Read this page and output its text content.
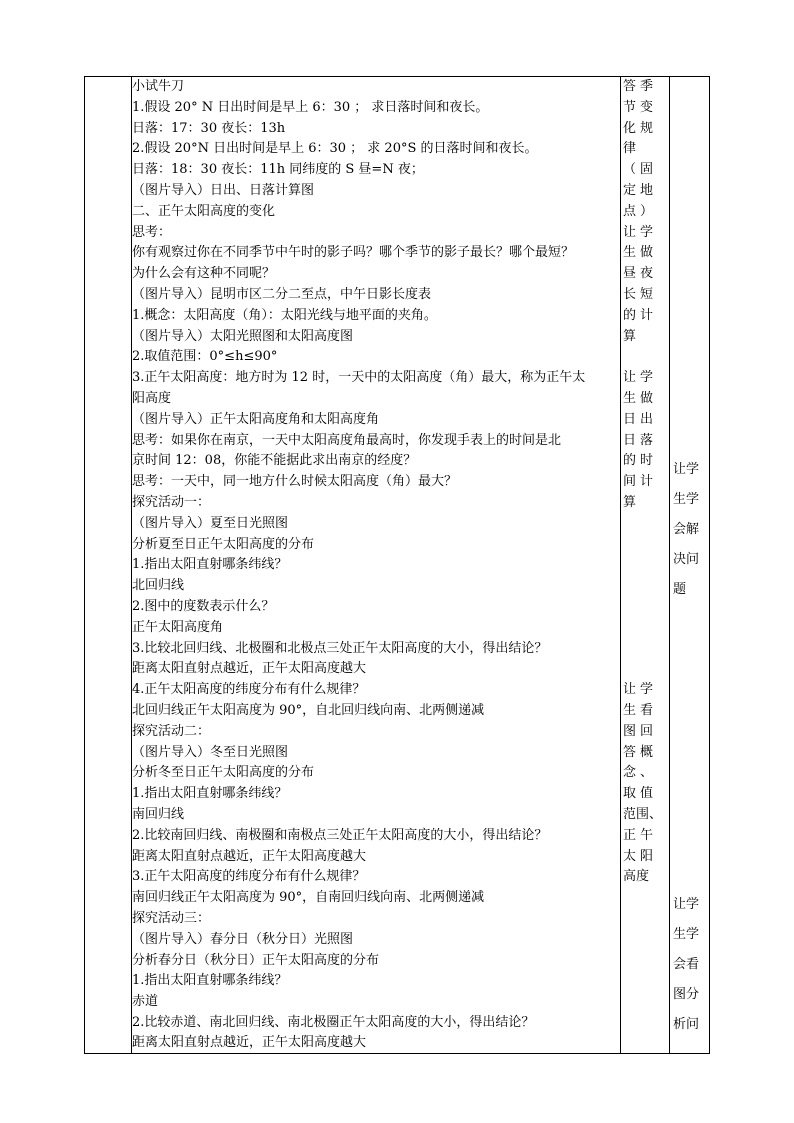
小试牛刀
1.假设 20° N 日出时间是早上 6：30 ； 求日落时间和夜长。
日落：17：30 夜长：13h
2.假设 20°N 日出时间是早上 6：30 ； 求 20°S 的日落时间和夜长。
日落：18：30 夜长：11h 同纬度的 S 昼=N 夜；
（图片导入）日出、日落计算图
二、正午太阳高度的变化
思考：
你有观察过你在不同季节中午时的影子吗？哪个季节的影子最长？哪个最短？
为什么会有这种不同呢？
（图片导入）昆明市区二分二至点，中午日影长度表
1.概念：太阳高度（角）：太阳光线与地平面的夹角。
（图片导入）太阳光照图和太阳高度图
2.取值范围：0°≤h≤90°
3.正午太阳高度：地方时为 12 时，一天中的太阳高度（角）最大，称为正午太
阳高度
（图片导入）正午太阳高度角和太阳高度角
思考：如果你在南京，一天中太阳高度角最高时，你发现手表上的时间是北
京时间 12：08，你能不能据此求出南京的经度？
思考：一天中，同一地方什么时候太阳高度（角）最大？
探究活动一：
（图片导入）夏至日光照图
分析夏至日正午太阳高度的分布
1.指出太阳直射哪条纬线？
北回归线
2.图中的度数表示什么？
正午太阳高度角
3.比较北回归线、北极圈和北极点三处正午太阳高度的大小，得出结论？
距离太阳直射点越近，正午太阳高度越大
4.正午太阳高度的纬度分布有什么规律？
北回归线正午太阳高度为 90°，自北回归线向南、北两侧递减
探究活动二：
（图片导入）冬至日光照图
分析冬至日正午太阳高度的分布
1.指出太阳直射哪条纬线？
南回归线
2.比较南回归线、南极圈和南极点三处正午太阳高度的大小，得出结论？
距离太阳直射点越近，正午太阳高度越大
3.正午太阳高度的纬度分布有什么规律？
南回归线正午太阳高度为 90°，自南回归线向南、北两侧递减
探究活动三：
（图片导入）春分日（秋分日）光照图
分析春分日（秋分日）正午太阳高度的分布
1.指出太阳直射哪条纬线？
赤道
2.比较赤道、南北回归线、南北极圈正午太阳高度的大小，得出结论？
距离太阳直射点越近，正午太阳高度越大
答季
节变
化规
律
（固
定地
点）
让学
生做
昼夜
长短
的计
算
让学
生做
日出
日落
的时
间计
算
让学
生看
图回
答概
念、
取值
范围、
正午
太阳
高度
让学
生学
会解
决问
题
让学
生学
会看
图分
析问
